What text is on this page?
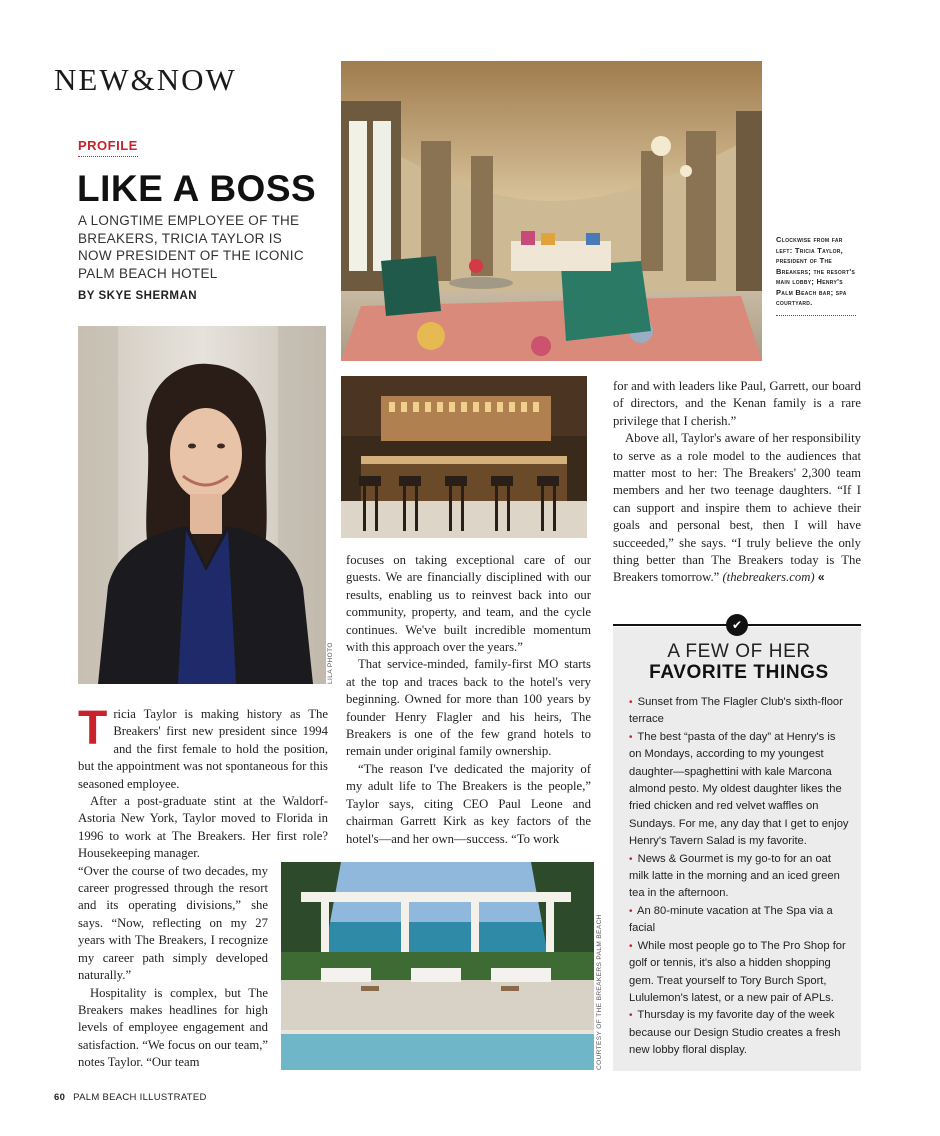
NEW&NOW
PROFILE
LIKE A BOSS
A LONGTIME EMPLOYEE OF THE BREAKERS, TRICIA TAYLOR IS NOW PRESIDENT OF THE ICONIC PALM BEACH HOTEL
BY SKYE SHERMAN
LILA PHOTO
Clockwise from far left: Tricia Taylor, president of The Breakers; the resort's main lobby; Henry's Palm Beach bar; spa courtyard.
COURTESY OF THE BREAKERS PALM BEACH

Tricia Taylor is making history as The Breakers' first new president since 1994 and the first female to hold the position, but the appointment was not spontaneous for this seasoned employee.

After a post-graduate stint at the Waldorf-Astoria New York, Taylor moved to Florida in 1996 to work at The Breakers. Her first role? Housekeeping manager.

“Over the course of two decades, my career progressed through the resort and its operating divisions,” she says. “Now, reflecting on my 27 years with The Breakers, I recognize my career path simply developed naturally.”

Hospitality is complex, but The Breakers makes headlines for high levels of employee engagement and satisfaction. “We focus on our team,” notes Taylor. “Our team

focuses on taking exceptional care of our guests. We are financially disciplined with our results, enabling us to reinvest back into our community, property, and team, and the cycle continues. We've built incredible momentum with this approach over the years.”

That service-minded, family-first MO starts at the top and traces back to the hotel's very beginning. Owned for more than 100 years by founder Henry Flagler and his heirs, The Breakers is one of the few grand hotels to remain under original family ownership.

“The reason I've dedicated the majority of my adult life to The Breakers is the people,” Taylor says, citing CEO Paul Leone and chairman Garrett Kirk as key factors of the hotel's—and her own—success. “To work

for and with leaders like Paul, Garrett, our board of directors, and the Kenan family is a rare privilege that I cherish.”

Above all, Taylor's aware of her responsibility to serve as a role model to the audiences that matter most to her: The Breakers' 2,300 team members and her two teenage daughters. “If I can support and inspire them to achieve their goals and personal best, then I will have succeeded,” she says. “I truly believe the only thing better than The Breakers today is The Breakers tomorrow.” (thebreakers.com) «

A FEW OF HER
FAVORITE THINGS
• Sunset from The Flagler Club's sixth-floor terrace
• The best “pasta of the day” at Henry's is on Mondays, according to my youngest daughter—spaghettini with kale Marcona almond pesto. My oldest daughter likes the fried chicken and red velvet waffles on Sundays. For me, any day that I get to enjoy Henry's Tavern Salad is my favorite.
• News & Gourmet is my go-to for an oat milk latte in the morning and an iced green tea in the afternoon.
• An 80-minute vacation at The Spa via a facial
• While most people go to The Pro Shop for golf or tennis, it's also a hidden shopping gem. Treat yourself to Tory Burch Sport, Lululemon's latest, or a new pair of APLs.
• Thursday is my favorite day of the week because our Design Studio creates a fresh new lobby floral display.
✔
60 PALM BEACH ILLUSTRATED
